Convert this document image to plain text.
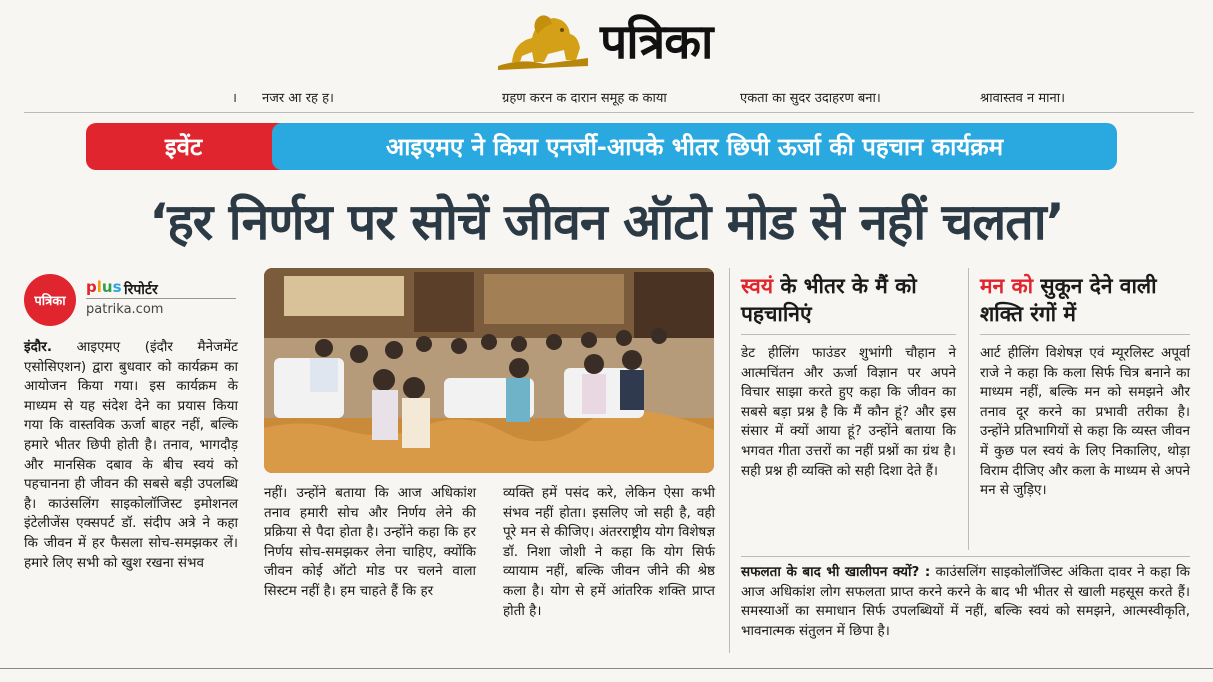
पत्रिका
। नजर आ रह ह।	ग्रहण करन क दारान समूह क काया	एकता का सुदर उदाहरण बना।	श्रावास्तव न माना।
इवेंट	आइएमए ने किया एनर्जी-आपके भीतर छिपी ऊर्जा की पहचान कार्यक्रम
‘हर निर्णय पर सोचें जीवन ऑटो मोड से नहीं चलता’
पत्रिका
plus रिपोर्टर
patrika.com
इंदौर. आइएमए (इंदौर मैनेजमेंट एसोसिएशन) द्वारा बुधवार को कार्यक्रम का आयोजन किया गया। इस कार्यक्रम के माध्यम से यह संदेश देने का प्रयास किया गया कि वास्तविक ऊर्जा बाहर नहीं, बल्कि हमारे भीतर छिपी होती है। तनाव, भागदौड़ और मानसिक दबाव के बीच स्वयं को पहचानना ही जीवन की सबसे बड़ी उपलब्धि है। काउंसलिंग साइकोलॉजिस्ट इमोशनल इंटेलीजेंस एक्सपर्ट डॉ. संदीप अत्रे ने कहा कि जीवन में हर फैसला सोच-समझकर लें। हमारे लिए सभी को खुश रखना संभव
नहीं। उन्होंने बताया कि आज अधिकांश तनाव हमारी सोच और निर्णय लेने की प्रक्रिया से पैदा होता है। उन्होंने कहा कि हर निर्णय सोच-समझकर लेना चाहिए, क्योंकि जीवन कोई ऑटो मोड पर चलने वाला सिस्टम नहीं है। हम चाहते हैं कि हर
व्यक्ति हमें पसंद करे, लेकिन ऐसा कभी संभव नहीं होता। इसलिए जो सही है, वही पूरे मन से कीजिए। अंतरराष्ट्रीय योग विशेषज्ञ डॉ. निशा जोशी ने कहा कि योग सिर्फ व्यायाम नहीं, बल्कि जीवन जीने की श्रेष्ठ कला है। योग से हमें आंतरिक शक्ति प्राप्त होती है।
स्वयं के भीतर के मैं को पहचानिएं
डेट हीलिंग फाउंडर शुभांगी चौहान ने आत्मचिंतन और ऊर्जा विज्ञान पर अपने विचार साझा करते हुए कहा कि जीवन का सबसे बड़ा प्रश्न है कि मैं कौन हूं? और इस संसार में क्यों आया हूं? उन्होंने बताया कि भगवत गीता उत्तरों का नहीं प्रश्नों का ग्रंथ है। सही प्रश्न ही व्यक्ति को सही दिशा देते हैं।
मन को सुकून देने वाली शक्ति रंगों में
आर्ट हीलिंग विशेषज्ञ एवं म्यूरलिस्ट अपूर्वा राजे ने कहा कि कला सिर्फ चित्र बनाने का माध्यम नहीं, बल्कि मन को समझने और तनाव दूर करने का प्रभावी तरीका है। उन्होंने प्रतिभागियों से कहा कि व्यस्त जीवन में कुछ पल स्वयं के लिए निकालिए, थोड़ा विराम दीजिए और कला के माध्यम से अपने मन से जुड़िए।
सफलता के बाद भी खालीपन क्यों? : काउंसलिंग साइकोलॉजिस्ट अंकिता दावर ने कहा कि आज अधिकांश लोग सफलता प्राप्त करने करने के बाद भी भीतर से खाली महसूस करते हैं। समस्याओं का समाधान सिर्फ उपलब्धियों में नहीं, बल्कि स्वयं को समझने, आत्मस्वीकृति, भावनात्मक संतुलन में छिपा है।
